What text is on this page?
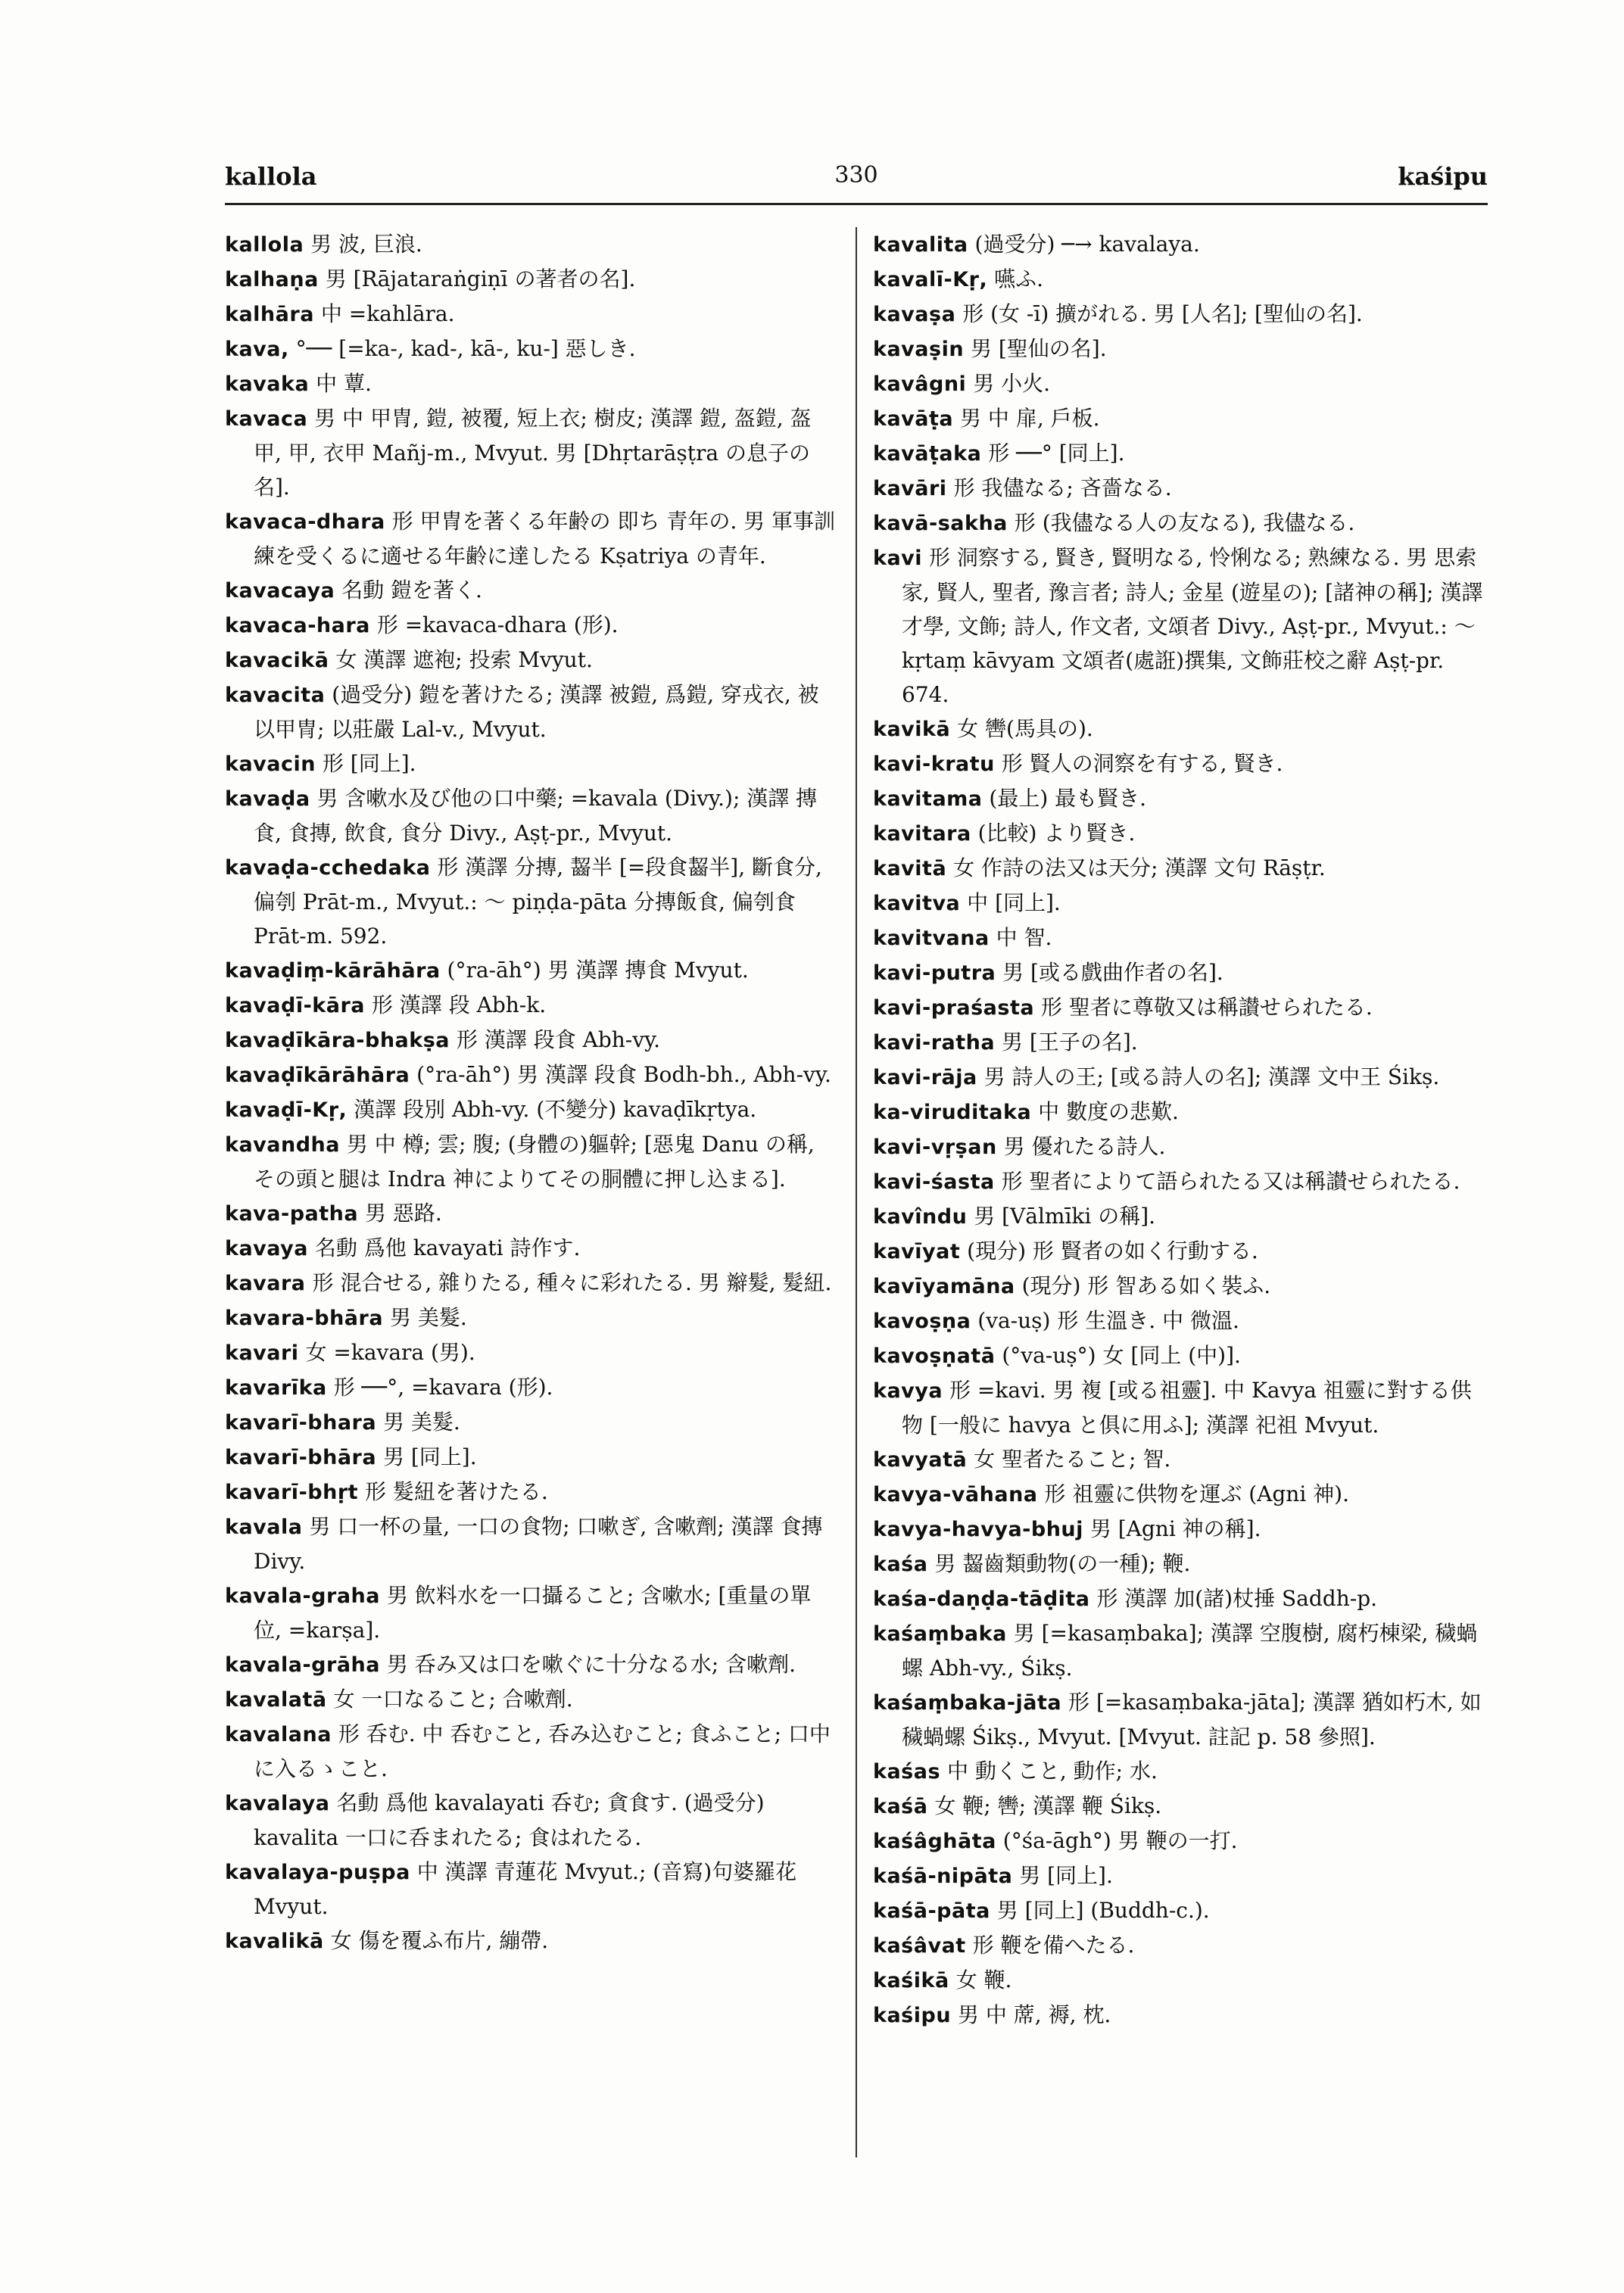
kallola	330	kaśipu

kallola 男 波, 巨浪.

kalhaṇa 男 [Rājataraṅgiṇī の著者の名].

kalhāra 中 =kahlāra.

kava, °── [=ka-, kad-, kā-, ku-] 惡しき.

kavaka 中 蕈.

kavaca 男 中 甲冑, 鎧, 被覆, 短上衣; 樹皮; 漢譯 鎧, 盔鎧, 盔甲, 甲, 衣甲 Mañj-m., Mvyut. 男 [Dhṛtarāṣṭra の息子の名].

kavaca-dhara 形 甲冑を著くる年齢の 即ち 青年の. 男 軍事訓練を受くるに適せる年齢に達したる Kṣatriya の青年.

kavacaya 名動 鎧を著く.

kavaca-hara 形 =kavaca-dhara (形).

kavacikā 女 漢譯 遮袍; 投索 Mvyut.

kavacita (過受分) 鎧を著けたる; 漢譯 被鎧, 爲鎧, 穿戎衣, 被以甲冑; 以莊嚴 Lal-v., Mvyut.

kavacin 形 [同上].

kavaḍa 男 含嗽水及び他の口中藥; =kavala (Divy.); 漢譯 摶食, 食摶, 飲食, 食分 Divy., Aṣṭ-pr., Mvyut.

kavaḍa-cchedaka 形 漢譯 分摶, 齧半 [=段食齧半], 斷食分, 偏刳 Prāt-m., Mvyut.: ～ piṇḍa-pāta 分摶飯食, 偏刳食 Prāt-m. 592.

kavaḍiṃ-kārāhāra (°ra-āh°) 男 漢譯 摶食 Mvyut.

kavaḍī-kāra 形 漢譯 段 Abh-k.

kavaḍīkāra-bhakṣa 形 漢譯 段食 Abh-vy.

kavaḍīkārāhāra (°ra-āh°) 男 漢譯 段食 Bodh-bh., Abh-vy.

kavaḍī-Kṛ, 漢譯 段別 Abh-vy. (不變分) kavaḍīkṛtya.

kavandha 男 中 樽; 雲; 腹; (身體の)軀幹; [惡鬼 Danu の稱, その頭と腿は Indra 神によりてその胴體に押し込まる].

kava-patha 男 惡路.

kavaya 名動 爲他 kavayati 詩作す.

kavara 形 混合せる, 雜りたる, 種々に彩れたる. 男 辮髮, 髮紐.

kavara-bhāra 男 美髮.

kavari 女 =kavara (男).

kavarīka 形 ──°, =kavara (形).

kavarī-bhara 男 美髮.

kavarī-bhāra 男 [同上].

kavarī-bhṛt 形 髮紐を著けたる.

kavala 男 口一杯の量, 一口の食物; 口嗽ぎ, 含嗽劑; 漢譯 食摶 Divy.

kavala-graha 男 飲料水を一口攝ること; 含嗽水; [重量の單位, =karṣa].

kavala-grāha 男 呑み又は口を嗽ぐに十分なる水; 含嗽劑.

kavalatā 女 一口なること; 合嗽劑.

kavalana 形 呑む. 中 呑むこと, 呑み込むこと; 食ふこと; 口中に入るゝこと.

kavalaya 名動 爲他 kavalayati 呑む; 貪食す. (過受分) kavalita 一口に呑まれたる; 食はれたる.

kavalaya-puṣpa 中 漢譯 青蓮花 Mvyut.; (音寫)句婆羅花 Mvyut.

kavalikā 女 傷を覆ふ布片, 繃帶.

kavalita (過受分) ─→ kavalaya.

kavalī-Kṛ, 嚥ふ.

kavaṣa 形 (女 -ī) 擴がれる. 男 [人名]; [聖仙の名].

kavaṣin 男 [聖仙の名].

kavâgni 男 小火.

kavāṭa 男 中 扉, 戶板.

kavāṭaka 形 ──° [同上].

kavāri 形 我儘なる; 吝嗇なる.

kavā-sakha 形 (我儘なる人の友なる), 我儘なる.

kavi 形 洞察する, 賢き, 賢明なる, 怜悧なる; 熟練なる. 男 思索家, 賢人, 聖者, 豫言者; 詩人; 金星 (遊星の); [諸神の稱]; 漢譯 才學, 文飾; 詩人, 作文者, 文頌者 Divy., Aṣṭ-pr., Mvyut.: ～kṛtaṃ kāvyam 文頌者(處誑)撰集, 文飾莊校之辭 Aṣṭ-pr. 674.

kavikā 女 轡(馬具の).

kavi-kratu 形 賢人の洞察を有する, 賢き.

kavitama (最上) 最も賢き.

kavitara (比較) より賢き.

kavitā 女 作詩の法又は天分; 漢譯 文句 Rāṣṭr.

kavitva 中 [同上].

kavitvana 中 智.

kavi-putra 男 [或る戲曲作者の名].

kavi-praśasta 形 聖者に尊敬又は稱讃せられたる.

kavi-ratha 男 [王子の名].

kavi-rāja 男 詩人の王; [或る詩人の名]; 漢譯 文中王 Śikṣ.

ka-viruditaka 中 數度の悲歎.

kavi-vṛṣan 男 優れたる詩人.

kavi-śasta 形 聖者によりて語られたる又は稱讃せられたる.

kavîndu 男 [Vālmīki の稱].

kavīyat (現分) 形 賢者の如く行動する.

kavīyamāna (現分) 形 智ある如く裝ふ.

kavoṣṇa (va-uṣ) 形 生溫き. 中 微溫.

kavoṣṇatā (°va-uṣ°) 女 [同上 (中)].

kavya 形 =kavi. 男 複 [或る祖靈]. 中 Kavya 祖靈に對する供物 [一般に havya と俱に用ふ]; 漢譯 祀祖 Mvyut.

kavyatā 女 聖者たること; 智.

kavya-vāhana 形 祖靈に供物を運ぶ (Agni 神).

kavya-havya-bhuj 男 [Agni 神の稱].

kaśa 男 齧齒類動物(の一種); 鞭.

kaśa-daṇḍa-tāḍita 形 漢譯 加(諸)杖捶 Saddh-p.

kaśaṃbaka 男 [=kasaṃbaka]; 漢譯 空腹樹, 腐朽棟梁, 穢蝸螺 Abh-vy., Śikṣ.

kaśaṃbaka-jāta 形 [=kasaṃbaka-jāta]; 漢譯 猶如朽木, 如穢蝸螺 Śikṣ., Mvyut. [Mvyut. 註記 p. 58 參照].

kaśas 中 動くこと, 動作; 水.

kaśā 女 鞭; 轡; 漢譯 鞭 Śikṣ.

kaśâghāta (°śa-āgh°) 男 鞭の一打.

kaśā-nipāta 男 [同上].

kaśā-pāta 男 [同上] (Buddh-c.).

kaśâvat 形 鞭を備へたる.

kaśikā 女 鞭.

kaśipu 男 中 蓆, 褥, 枕.
